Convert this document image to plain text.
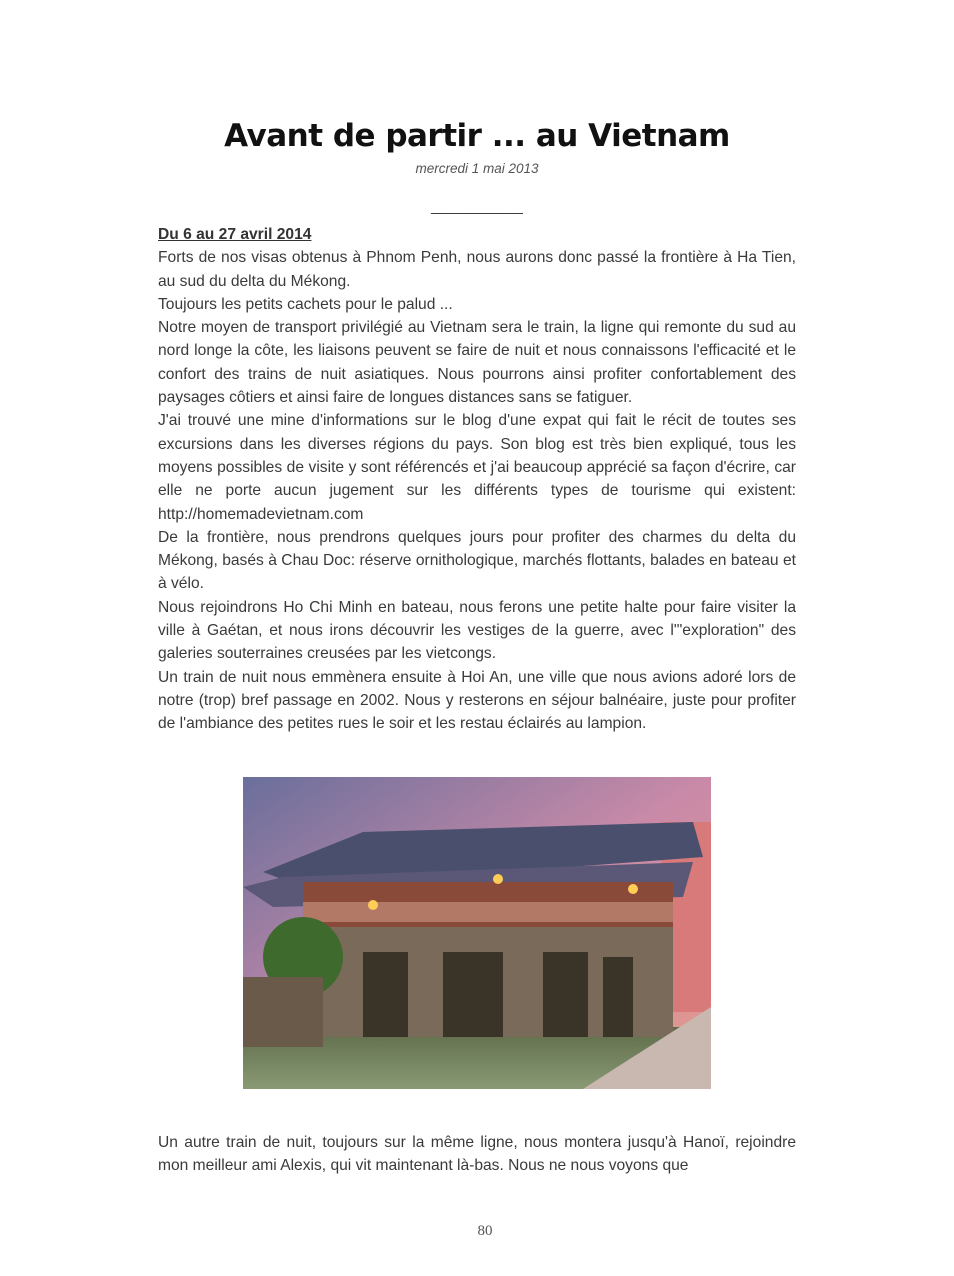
Avant de partir ... au Vietnam
mercredi 1 mai 2013
___________

Du 6 au 27 avril 2014

Forts de nos visas obtenus à Phnom Penh, nous aurons donc passé la frontière à Ha Tien, au sud du delta du Mékong.

Toujours les petits cachets pour le palud ...

Notre moyen de transport privilégié au Vietnam sera le train, la ligne qui remonte du sud au nord longe la côte, les liaisons peuvent se faire de nuit et nous connaissons l'efficacité et le confort des trains de nuit asiatiques. Nous pourrons ainsi profiter confortablement des paysages côtiers et ainsi faire de longues distances sans se fatiguer.

J'ai trouvé une mine d'informations sur le blog d'une expat qui fait le récit de toutes ses excursions dans les diverses régions du pays. Son blog est très bien expliqué, tous les moyens possibles de visite y sont référencés et j'ai beaucoup apprécié sa façon d'écrire, car elle ne porte aucun jugement sur les différents types de tourisme qui existent: http://homemadevietnam.com

De la frontière, nous prendrons quelques jours pour profiter des charmes du delta du Mékong, basés à Chau Doc: réserve ornithologique, marchés flottants, balades en bateau et à vélo.

Nous rejoindrons Ho Chi Minh en bateau, nous ferons une petite halte pour faire visiter la ville à Gaétan, et nous irons découvrir les vestiges de la guerre, avec l'"exploration" des galeries souterraines creusées par les vietcongs.

Un train de nuit nous emmènera ensuite à Hoi An, une ville que nous avions adoré lors de notre (trop) bref passage en 2002. Nous y resterons en séjour balnéaire, juste pour profiter de l'ambiance des petites rues le soir et les restau éclairés au lampion.

Un autre train de nuit, toujours sur la même ligne, nous montera jusqu'à Hanoï, rejoindre mon meilleur ami Alexis, qui vit maintenant là-bas. Nous ne nous voyons que

80
